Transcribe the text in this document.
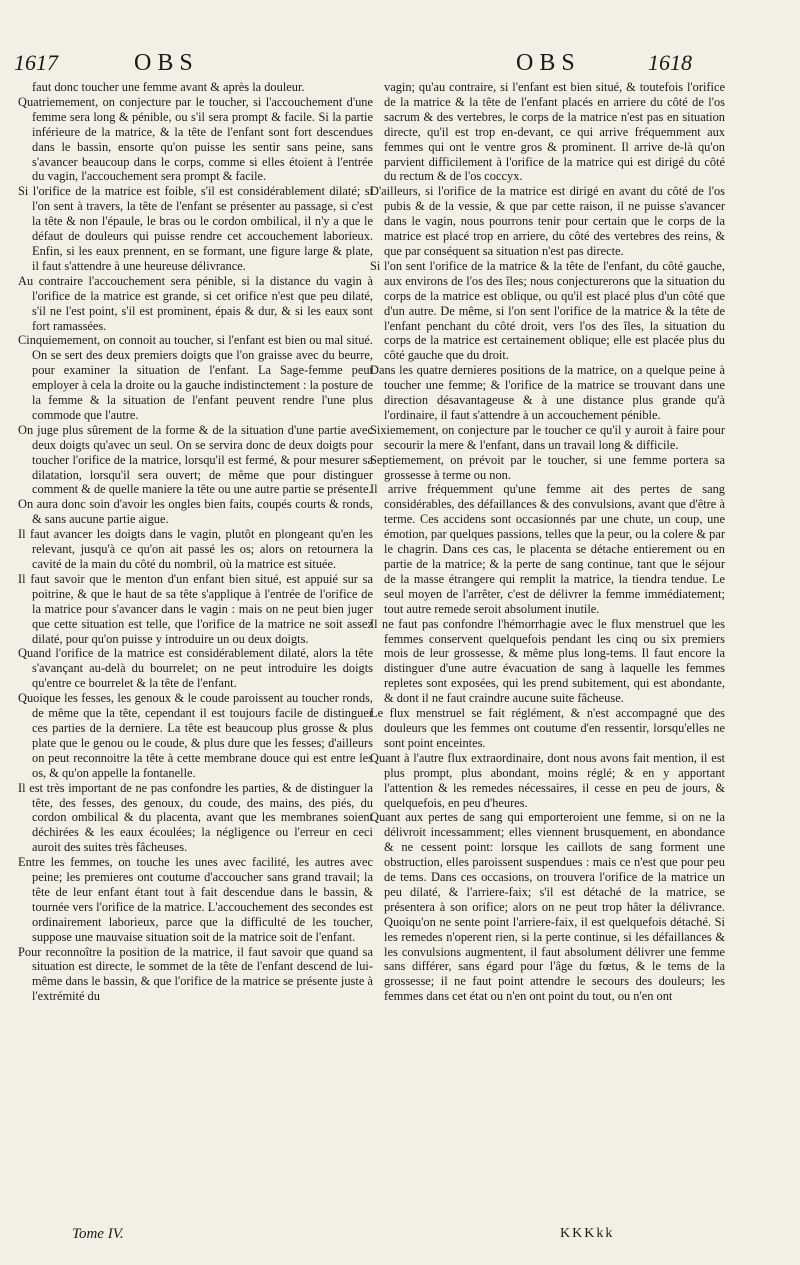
1617	OBS	OBS	1618

faut donc toucher une femme avant & après la douleur.

Quatriemement, on conjecture par le toucher, si l'accouchement d'une femme sera long & pénible, ou s'il sera prompt & facile. Si la partie inférieure de la matrice, & la tête de l'enfant sont fort descendues dans le bassin, ensorte qu'on puisse les sentir sans peine, sans s'avancer beaucoup dans le corps, comme si elles étoient à l'entrée du vagin, l'accouchement sera prompt & facile.

Si l'orifice de la matrice est foible, s'il est considérablement dilaté; si l'on sent à travers, la tête de l'enfant se présenter au passage, si c'est la tête & non l'épaule, le bras ou le cordon ombilical, il n'y a que le défaut de douleurs qui puisse rendre cet accouchement laborieux. Enfin, si les eaux prennent, en se formant, une figure large & plate, il faut s'attendre à une heureuse délivrance.

Au contraire l'accouchement sera pénible, si la distance du vagin à l'orifice de la matrice est grande, si cet orifice n'est que peu dilaté, s'il ne l'est point, s'il est prominent, épais & dur, & si les eaux sont fort ramassées.

Cinquiemement, on connoit au toucher, si l'enfant est bien ou mal situé. On se sert des deux premiers doigts que l'on graisse avec du beurre, pour examiner la situation de l'enfant. La Sage-femme peut employer à cela la droite ou la gauche indistinctement : la posture de la femme & la situation de l'enfant peuvent rendre l'une plus commode que l'autre.

On juge plus sûrement de la forme & de la situation d'une partie avec deux doigts qu'avec un seul. On se servira donc de deux doigts pour toucher l'orifice de la matrice, lorsqu'il est fermé, & pour mesurer sa dilatation, lorsqu'il sera ouvert; de même que pour distinguer comment & de quelle maniere la tête ou une autre partie se présente.

On aura donc soin d'avoir les ongles bien faits, coupés courts & ronds, & sans aucune partie aigue.

Il faut avancer les doigts dans le vagin, plutôt en plongeant qu'en les relevant, jusqu'à ce qu'on ait passé les os; alors on retournera la cavité de la main du côté du nombril, où la matrice est située.

Il faut savoir que le menton d'un enfant bien situé, est appuié sur sa poitrine, & que le haut de sa tête s'applique à l'entrée de l'orifice de la matrice pour s'avancer dans le vagin : mais on ne peut bien juger que cette situation est telle, que l'orifice de la matrice ne soit assez dilaté, pour qu'on puisse y introduire un ou deux doigts.

Quand l'orifice de la matrice est considérablement dilaté, alors la tête s'avançant au-delà du bourrelet; on ne peut introduire les doigts qu'entre ce bourrelet & la tête de l'enfant.

Quoique les fesses, les genoux & le coude paroissent au toucher ronds, de même que la tête, cependant il est toujours facile de distinguer ces parties de la derniere. La tête est beaucoup plus grosse & plus plate que le genou ou le coude, & plus dure que les fesses; d'ailleurs on peut reconnoitre la tête à cette membrane douce qui est entre les os, & qu'on appelle la fontanelle.

Il est très important de ne pas confondre les parties, & de distinguer la tête, des fesses, des genoux, du coude, des mains, des piés, du cordon ombilical & du placenta, avant que les membranes soient déchirées & les eaux écoulées; la négligence ou l'erreur en ceci auroit des suites très fâcheuses.

Entre les femmes, on touche les unes avec facilité, les autres avec peine; les premieres ont coutume d'accoucher sans grand travail; la tête de leur enfant étant tout à fait descendue dans le bassin, & tournée vers l'orifice de la matrice. L'accouchement des secondes est ordinairement laborieux, parce que la difficulté de les toucher, suppose une mauvaise situation soit de la matrice soit de l'enfant.

Pour reconnoître la position de la matrice, il faut savoir que quand sa situation est directe, le sommet de la tête de l'enfant descend de lui-même dans le bassin, & que l'orifice de la matrice se présente juste à l'extrémité du

vagin; qu'au contraire, si l'enfant est bien situé, & toutefois l'orifice de la matrice & la tête de l'enfant placés en arriere du côté de l'os sacrum & des vertebres, le corps de la matrice n'est pas en situation directe, qu'il est trop en-devant, ce qui arrive fréquemment aux femmes qui ont le ventre gros & prominent. Il arrive de-là qu'on parvient difficilement à l'orifice de la matrice qui est dirigé du côté du rectum & de l'os coccyx.

D'ailleurs, si l'orifice de la matrice est dirigé en avant du côté de l'os pubis & de la vessie, & que par cette raison, il ne puisse s'avancer dans le vagin, nous pourrons tenir pour certain que le corps de la matrice est placé trop en arriere, du côté des vertebres des reins, & que par conséquent sa situation n'est pas directe.

Si l'on sent l'orifice de la matrice & la tête de l'enfant, du côté gauche, aux environs de l'os des îles; nous conjecturerons que la situation du corps de la matrice est oblique, ou qu'il est placé plus d'un côté que d'un autre. De même, si l'on sent l'orifice de la matrice & la tête de l'enfant penchant du côté droit, vers l'os des îles, la situation du corps de la matrice est certainement oblique; elle est placée plus du côté gauche que du droit.

Dans les quatre dernieres positions de la matrice, on a quelque peine à toucher une femme; & l'orifice de la matrice se trouvant dans une direction désavantageuse & à une distance plus grande qu'à l'ordinaire, il faut s'attendre à un accouchement pénible.

Sixiemement, on conjecture par le toucher ce qu'il y auroit à faire pour secourir la mere & l'enfant, dans un travail long & difficile.

Septiemement, on prévoit par le toucher, si une femme portera sa grossesse à terme ou non.

Il arrive fréquemment qu'une femme ait des pertes de sang considérables, des défaillances & des convulsions, avant que d'être à terme. Ces accidens sont occasionnés par une chute, un coup, une émotion, par quelques passions, telles que la peur, ou la colere & par le chagrin. Dans ces cas, le placenta se détache entierement ou en partie de la matrice; & la perte de sang continue, tant que le séjour de la masse étrangere qui remplit la matrice, la tiendra tendue. Le seul moyen de l'arrêter, c'est de délivrer la femme immédiatement; tout autre remede seroit absolument inutile.

Il ne faut pas confondre l'hémorrhagie avec le flux menstruel que les femmes conservent quelquefois pendant les cinq ou six premiers mois de leur grossesse, & même plus long-tems. Il faut encore la distinguer d'une autre évacuation de sang à laquelle les femmes repletes sont exposées, qui les prend subitement, qui est abondante, & dont il ne faut craindre aucune suite fâcheuse.

Le flux menstruel se fait réglément, & n'est accompagné que des douleurs que les femmes ont coutume d'en ressentir, lorsqu'elles ne sont point enceintes.

Quant à l'autre flux extraordinaire, dont nous avons fait mention, il est plus prompt, plus abondant, moins réglé; & en y apportant l'attention & les remedes nécessaires, il cesse en peu de jours, & quelquefois, en peu d'heures.

Quant aux pertes de sang qui emporteroient une femme, si on ne la délivroit incessamment; elles viennent brusquement, en abondance & ne cessent point: lorsque les caillots de sang forment une obstruction, elles paroissent suspendues : mais ce n'est que pour peu de tems. Dans ces occasions, on trouvera l'orifice de la matrice un peu dilaté, & l'arriere-faix; s'il est détaché de la matrice, se présentera à son orifice; alors on ne peut trop hâter la délivrance. Quoiqu'on ne sente point l'arriere-faix, il est quelquefois détaché. Si les remedes n'operent rien, si la perte continue, si les défaillances & les convulsions augmentent, il faut absolument délivrer une femme sans différer, sans égard pour l'âge du fœtus, & le tems de la grossesse; il ne faut point attendre le secours des douleurs; les femmes dans cet état ou n'en ont point du tout, ou n'en ont

Tome IV.	KKKkk
